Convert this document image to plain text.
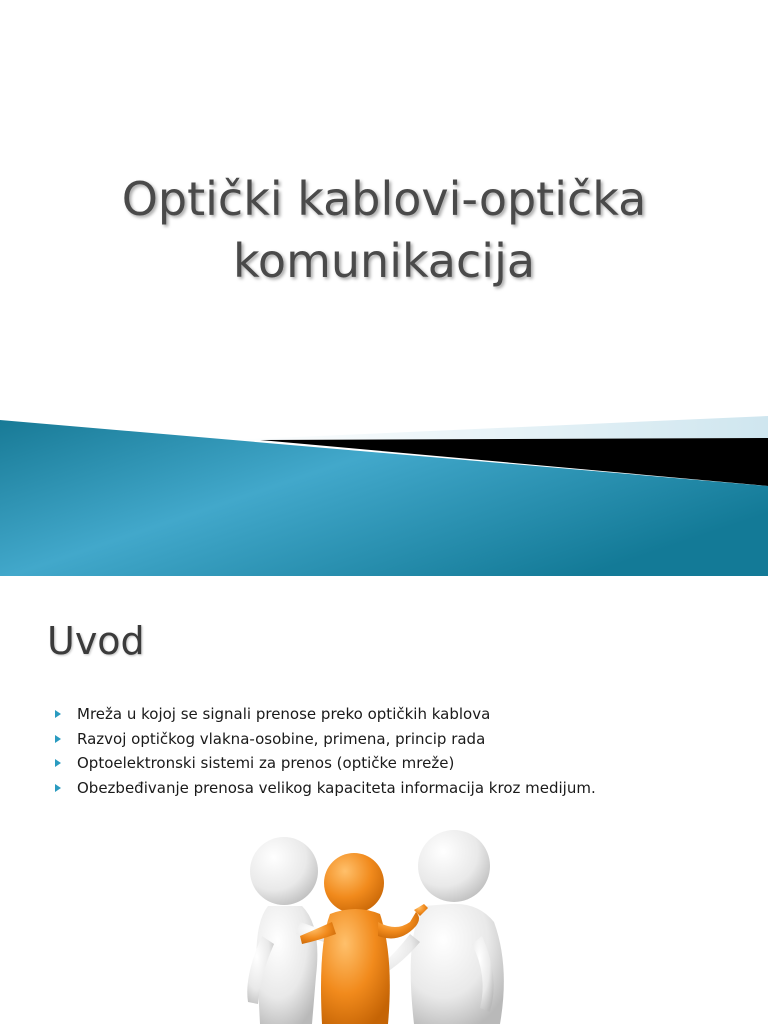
Optički kablovi-optička
komunikacija
Uvod
Mreža u kojoj se signali prenose preko optičkih kablova
Razvoj optičkog vlakna-osobine, primena, princip rada
Optoelektronski sistemi za prenos (optičke mreže)
Obezbeđivanje prenosa velikog kapaciteta informacija kroz medijum.
